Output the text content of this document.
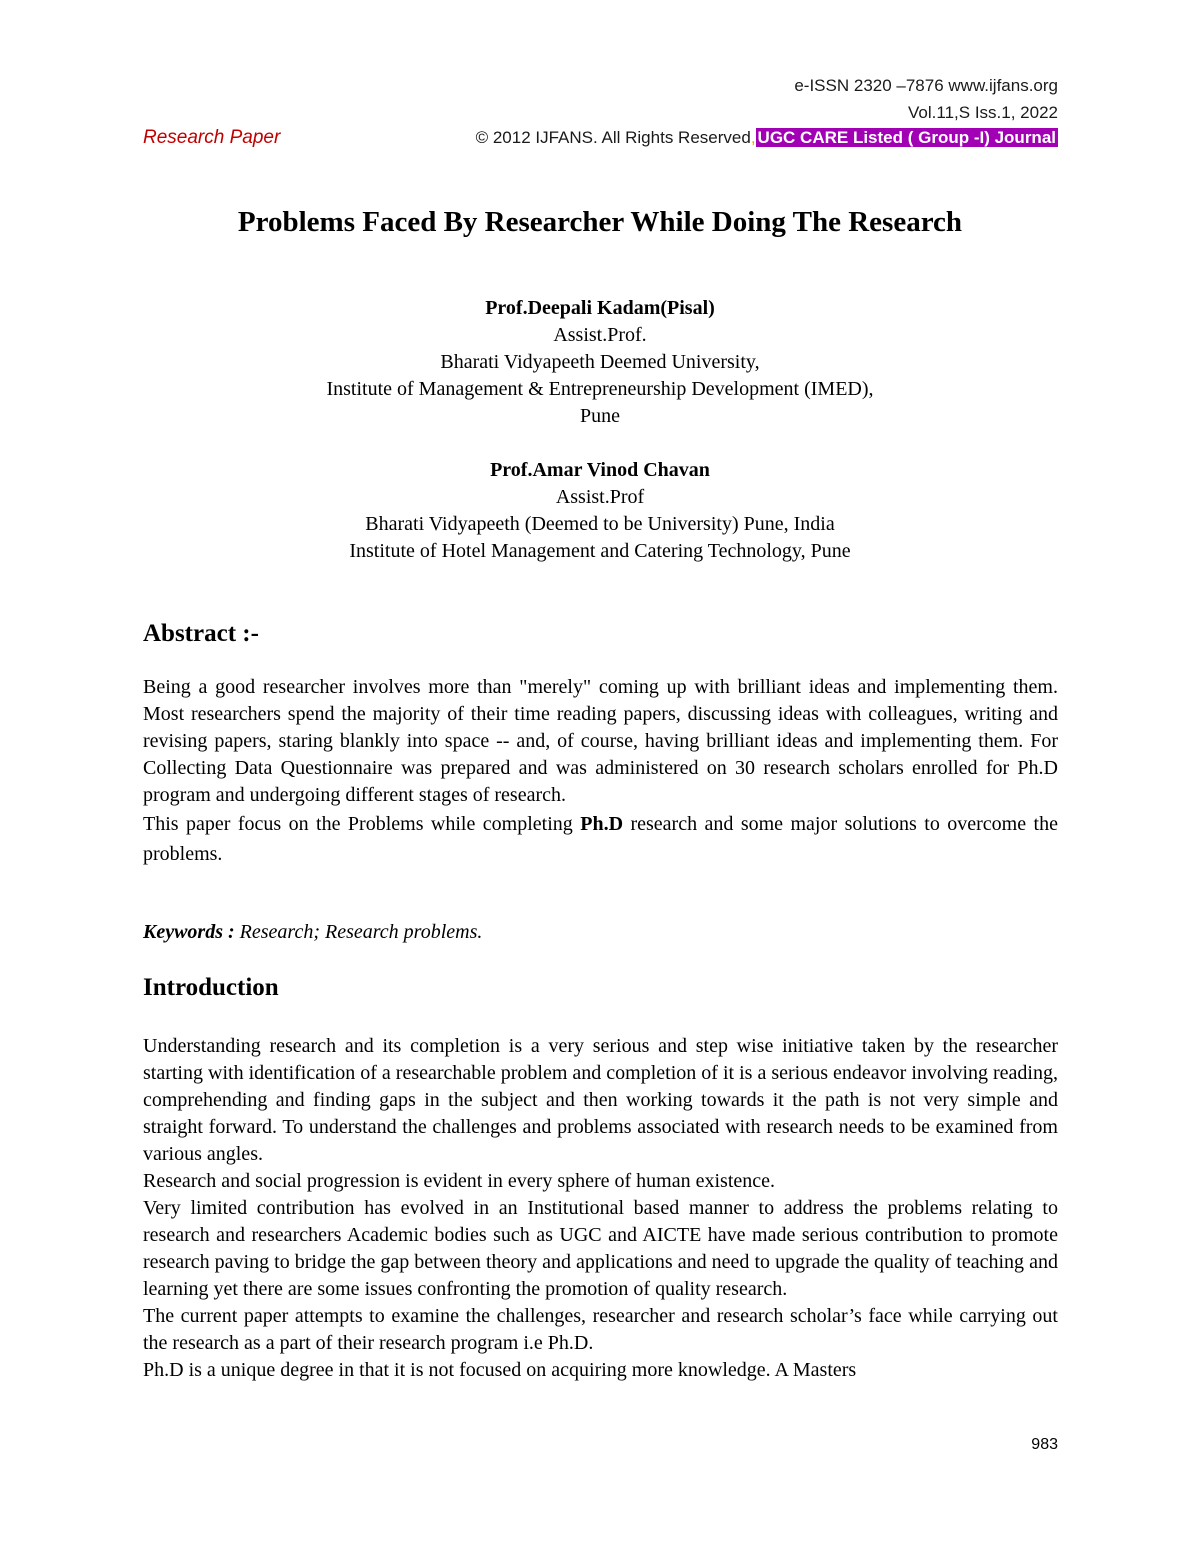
e-ISSN 2320 –7876 www.ijfans.org
Vol.11,S Iss.1, 2022
Research Paper	© 2012 IJFANS. All Rights Reserved, UGC CARE Listed ( Group -I) Journal
Problems Faced By Researcher While Doing The Research
Prof.Deepali Kadam(Pisal)
Assist.Prof.
Bharati Vidyapeeth Deemed University,
Institute of Management & Entrepreneurship Development (IMED),
Pune
Prof.Amar Vinod Chavan
Assist.Prof
Bharati Vidyapeeth (Deemed to be University) Pune, India
Institute of Hotel Management and Catering Technology, Pune
Abstract :-

Being a good researcher involves more than "merely" coming up with brilliant ideas and implementing them. Most researchers spend the majority of their time reading papers, discussing ideas with colleagues, writing and revising papers, staring blankly into space -- and, of course, having brilliant ideas and implementing them. For Collecting Data Questionnaire was prepared and was administered on 30 research scholars enrolled for Ph.D program and undergoing different stages of research.

This paper focus on the Problems while completing Ph.D research and some major solutions to overcome the problems.

Keywords : Research; Research problems.
Introduction

Understanding research and its completion is a very serious and step wise initiative taken by the researcher starting with identification of a researchable problem and completion of it is a serious endeavor involving reading, comprehending and finding gaps in the subject and then working towards it the path is not very simple and straight forward. To understand the challenges and problems associated with research needs to be examined from various angles.

Research and social progression is evident in every sphere of human existence.

Very limited contribution has evolved in an Institutional based manner to address the problems relating to research and researchers Academic bodies such as UGC and AICTE have made serious contribution to promote research paving to bridge the gap between theory and applications and need to upgrade the quality of teaching and learning yet there are some issues confronting the promotion of quality research.

The current paper attempts to examine the challenges, researcher and research scholar’s face while carrying out the research as a part of their research program i.e Ph.D.

Ph.D is a unique degree in that it is not focused on acquiring more knowledge. A Masters

983
